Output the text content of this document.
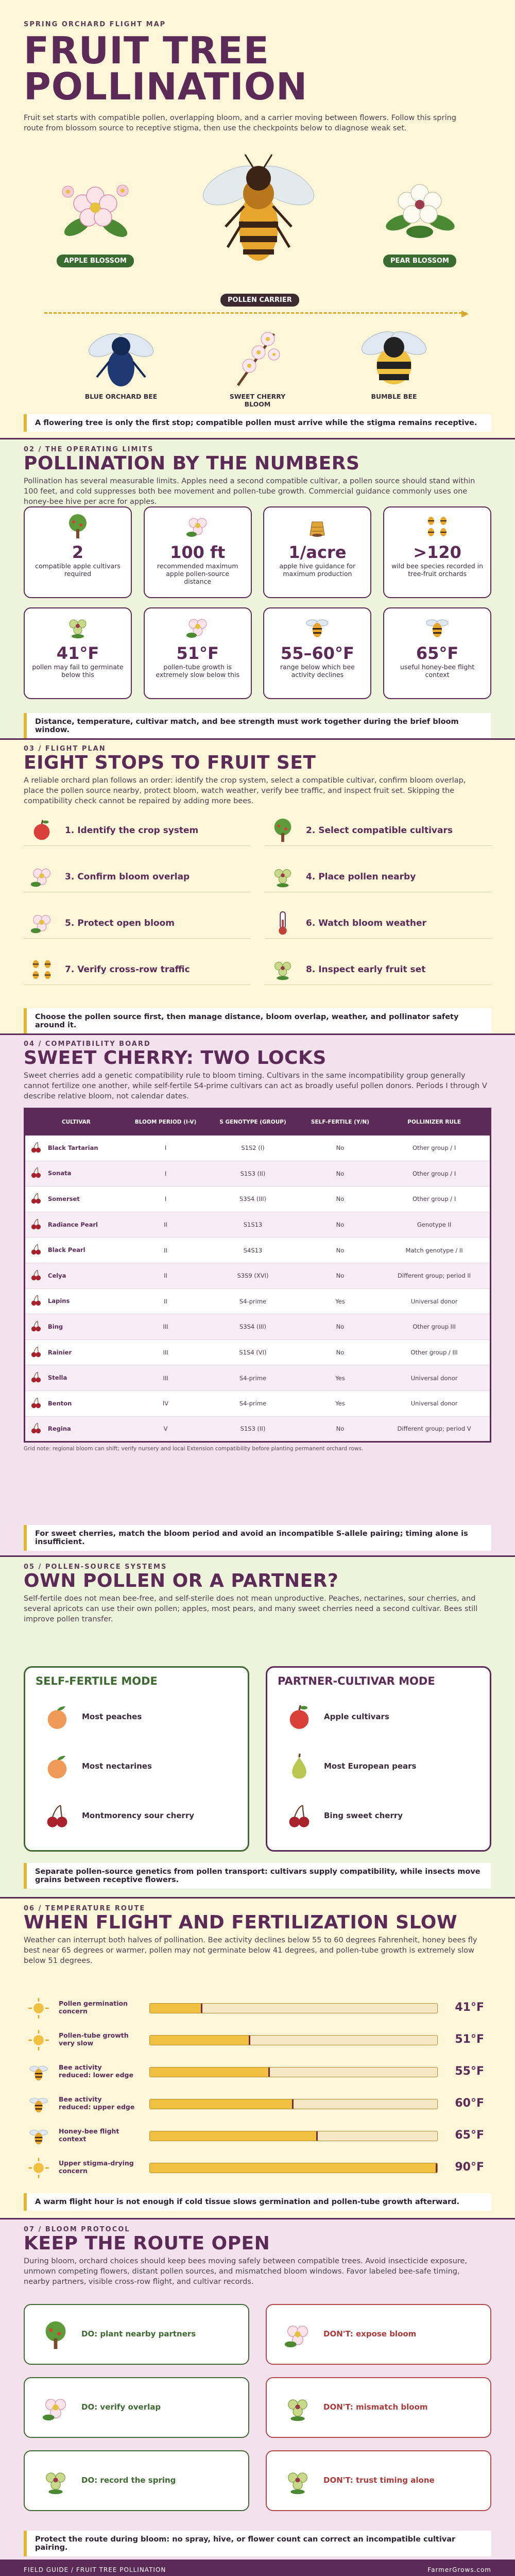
SPRING ORCHARD FLIGHT MAP
FRUIT TREE
POLLINATION
Fruit set starts with compatible pollen, overlapping bloom, and a carrier moving between flowers. Follow this spring route from blossom source to receptive stigma, then use the checkpoints below to diagnose weak set.
APPLE BLOSSOM	PEAR BLOSSOM
POLLEN CARRIER
▶
BLUE ORCHARD BEE	SWEET CHERRY BLOOM
BUMBLE BEE
A flowering tree is only the first stop; compatible pollen must arrive while the stigma remains receptive.
02 / THE OPERATING LIMITS
POLLINATION BY THE NUMBERS
Pollination has several measurable limits. Apples need a second compatible cultivar, a pollen source should stand within 100 feet, and cold suppresses both bee movement and pollen-tube growth. Commercial guidance commonly uses one honey-bee hive per acre for apples.
2
compatible apple cultivars required
100 ft
recommended maximum apple pollen-source distance
1/acre
apple hive guidance for maximum production
>120
wild bee species recorded in tree-fruit orchards
41°F
pollen may fail to germinate below this
51°F
pollen-tube growth is extremely slow below this
55–60°F
range below which bee activity declines
65°F
useful honey-bee flight context
Distance, temperature, cultivar match, and bee strength must work together during the brief bloom window.
03 / FLIGHT PLAN
EIGHT STOPS TO FRUIT SET
A reliable orchard plan follows an order: identify the crop system, select a compatible cultivar, confirm bloom overlap, place the pollen source nearby, protect bloom, watch weather, verify bee traffic, and inspect fruit set. Skipping the compatibility check cannot be repaired by adding more bees.
1. Identify the crop system	2. Select compatible cultivars
3. Confirm bloom overlap	4. Place pollen nearby
5. Protect open bloom	6. Watch bloom weather
7. Verify cross-row traffic	8. Inspect early fruit set
Choose the pollen source first, then manage distance, bloom overlap, weather, and pollinator safety around it.
04 / COMPATIBILITY BOARD
SWEET CHERRY: TWO LOCKS
Sweet cherries add a genetic compatibility rule to bloom timing. Cultivars in the same incompatibility group generally cannot fertilize one another, while self-fertile S4-prime cultivars can act as broadly useful pollen donors. Periods I through V describe relative bloom, not calendar dates.
CULTIVAR	BLOOM PERIOD (I-V)	S GENOTYPE (GROUP)	SELF-FERTILE (Y/N)	POLLINIZER RULE
Black Tartarian	I	S1S2 (I)	No	Other group / I
Sonata	I	S1S3 (II)	No	Other group / I
Somerset	I	S3S4 (III)	No	Other group / I
Radiance Pearl	II	S1S13	No	Genotype II
Black Pearl	II	S4S13	No	Match genotype / II
Celya	II	S3S9 (XVI)	No	Different group; period II
Lapins	II	S4-prime	Yes	Universal donor
Bing	III	S3S4 (III)	No	Other group III
Rainier	III	S1S4 (VI)	No	Other group / III
Stella	III	S4-prime	Yes	Universal donor
Benton	IV	S4-prime	Yes	Universal donor
Regina	V	S1S3 (II)	No	Different group; period V
Grid note: regional bloom can shift; verify nursery and local Extension compatibility before planting permanent orchard rows.
For sweet cherries, match the bloom period and avoid an incompatible S-allele pairing; timing alone is insufficient.
05 / POLLEN-SOURCE SYSTEMS
OWN POLLEN OR A PARTNER?
Self-fertile does not mean bee-free, and self-sterile does not mean unproductive. Peaches, nectarines, sour cherries, and several apricots can use their own pollen; apples, most pears, and many sweet cherries need a second cultivar. Bees still improve pollen transfer.
SELF-FERTILE MODE
Most peaches
Most nectarines
Montmorency sour cherry
PARTNER-CULTIVAR MODE
Apple cultivars
Most European pears
Bing sweet cherry
Separate pollen-source genetics from pollen transport: cultivars supply compatibility, while insects move grains between receptive flowers.
06 / TEMPERATURE ROUTE
WHEN FLIGHT AND FERTILIZATION SLOW
Weather can interrupt both halves of pollination. Bee activity declines below 55 to 60 degrees Fahrenheit, honey bees fly best near 65 degrees or warmer, pollen may not germinate below 41 degrees, and pollen-tube growth is extremely slow below 51 degrees.
Pollen germination concern	41°F
Pollen-tube growth very slow	51°F
Bee activity reduced: lower edge	55°F
Bee activity reduced: upper edge	60°F
Honey-bee flight context	65°F
Upper stigma-drying concern	90°F
A warm flight hour is not enough if cold tissue slows germination and pollen-tube growth afterward.
07 / BLOOM PROTOCOL
KEEP THE ROUTE OPEN
During bloom, orchard choices should keep bees moving safely between compatible trees. Avoid insecticide exposure, unmown competing flowers, distant pollen sources, and mismatched bloom windows. Favor labeled bee-safe timing, nearby partners, visible cross-row flight, and cultivar records.
DO: plant nearby partners	DON'T: expose bloom
DO: verify overlap	DON'T: mismatch bloom
DO: record the spring	DON'T: trust timing alone
Protect the route during bloom: no spray, hive, or flower count can correct an incompatible cultivar pairing.
FIELD GUIDE / FRUIT TREE POLLINATION	FarmerGrows.com
